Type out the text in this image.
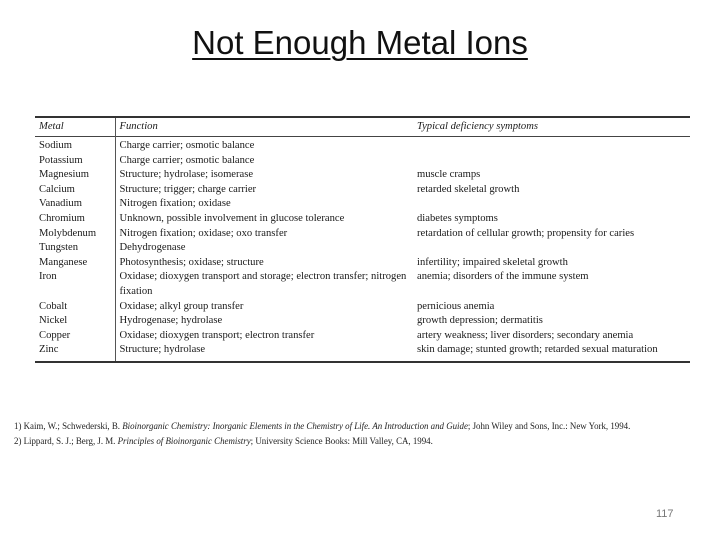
Not Enough Metal Ions
Metal	Function	Typical deficiency symptoms
Sodium	Charge carrier; osmotic balance	
Potassium	Charge carrier; osmotic balance	
Magnesium	Structure; hydrolase; isomerase	muscle cramps
Calcium	Structure; trigger; charge carrier	retarded skeletal growth
Vanadium	Nitrogen fixation; oxidase	
Chromium	Unknown, possible involvement in glucose tolerance	diabetes symptoms
Molybdenum	Nitrogen fixation; oxidase; oxo transfer	retardation of cellular growth; propensity for caries
Tungsten	Dehydrogenase	
Manganese	Photosynthesis; oxidase; structure	infertility; impaired skeletal growth
Iron	Oxidase; dioxygen transport and storage; electron transfer; nitrogen fixation	anemia; disorders of the immune system
Cobalt	Oxidase; alkyl group transfer	pernicious anemia
Nickel	Hydrogenase; hydrolase	growth depression; dermatitis
Copper	Oxidase; dioxygen transport; electron transfer	artery weakness; liver disorders; secondary anemia
Zinc	Structure; hydrolase	skin damage; stunted growth; retarded sexual maturation
1) Kaim, W.; Schwederski, B. Bioinorganic Chemistry: Inorganic Elements in the Chemistry of Life. An Introduction and Guide; John Wiley and Sons, Inc.: New York, 1994.
2) Lippard, S. J.; Berg, J. M. Principles of Bioinorganic Chemistry; University Science Books: Mill Valley, CA, 1994.
117
